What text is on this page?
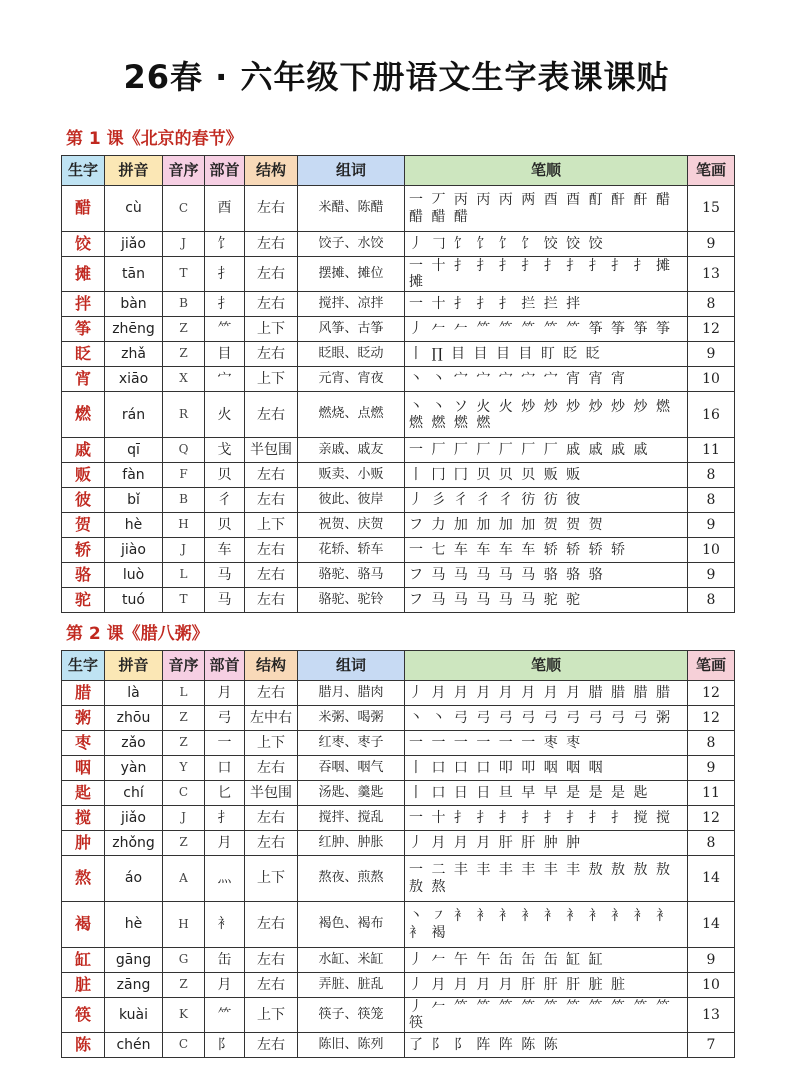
26春 · 六年级下册语文生字表课课贴
第 1 课《北京的春节》
生字	拼音	音序	部首	结构	组词	笔顺	笔画
醋	cù	C	酉	左右	米醋、陈醋	一 丆 丙 丙 丙 两 酉 酉 酊 酐 酐 醋 醋 醋 醋	15
饺	jiǎo	J	饣	左右	饺子、水饺	丿 𠃌 饣 饣 饣 饣 饺 饺 饺	9
摊	tān	T	扌	左右	摆摊、摊位	一 十 扌 扌 扌 扌 扌 扌 扌 扌 扌 摊 摊	13
拌	bàn	B	扌	左右	搅拌、凉拌	一 十 扌 扌 扌 拦 拦 拌	8
筝	zhēng	Z	⺮	上下	风筝、古筝	丿 𠂉 𠂉 ⺮ ⺮ ⺮ ⺮ ⺮ 筝 筝 筝 筝	12
眨	zhǎ	Z	目	左右	眨眼、眨动	丨 ∏ 目 目 目 目 盯 眨 眨	9
宵	xiāo	X	宀	上下	元宵、宵夜	丶 丶 宀 宀 宀 宀 宀 宵 宵 宵	10
燃	rán	R	火	左右	燃烧、点燃	丶 丶 ソ 火 火 炒 炒 炒 炒 炒 炒 燃 燃 燃 燃 燃	16
戚	qī	Q	戈	半包围	亲戚、戚友	一 厂 厂 厂 厂 厂 厂 戚 戚 戚 戚	11
贩	fàn	F	贝	左右	贩卖、小贩	丨 冂 冂 贝 贝 贝 贩 贩	8
彼	bǐ	B	彳	左右	彼此、彼岸	丿 彡 彳 彳 彳 彷 彷 彼	8
贺	hè	H	贝	上下	祝贺、庆贺	フ 力 加 加 加 加 贺 贺 贺	9
轿	jiào	J	车	左右	花轿、轿车	一 七 车 车 车 车 轿 轿 轿 轿	10
骆	luò	L	马	左右	骆驼、骆马	フ 马 马 马 马 马 骆 骆 骆	9
驼	tuó	T	马	左右	骆驼、驼铃	フ 马 马 马 马 马 驼 驼	8
第 2 课《腊八粥》
生字	拼音	音序	部首	结构	组词	笔顺	笔画
腊	là	L	月	左右	腊月、腊肉	丿 月 月 月 月 月 月 月 腊 腊 腊 腊	12
粥	zhōu	Z	弓	左中右	米粥、喝粥	丶 丶 弓 弓 弓 弓 弓 弓 弓 弓 弓 粥	12
枣	zǎo	Z	一	上下	红枣、枣子	一 一 一 一 一 一 枣 枣	8
咽	yàn	Y	口	左右	吞咽、咽气	丨 口 口 口 叩 叩 咽 咽 咽	9
匙	chí	C	匕	半包围	汤匙、羹匙	丨 口 日 日 旦 早 早 是 是 是 匙	11
搅	jiǎo	J	扌	左右	搅拌、搅乱	一 十 扌 扌 扌 扌 扌 扌 扌 扌 搅 搅	12
肿	zhǒng	Z	月	左右	红肿、肿胀	丿 月 月 月 肝 肝 肿 肿	8
熬	áo	A	灬	上下	熬夜、煎熬	一 二 丰 丰 丰 丰 丰 丰 敖 敖 敖 敖 敖 熬	14
褐	hè	H	衤	左右	褐色、褐布	丶 ㇇ 衤 衤 衤 衤 衤 衤 衤 衤 衤 衤 衤 褐	14
缸	gāng	G	缶	左右	水缸、米缸	丿 𠂉 午 午 缶 缶 缶 缸 缸	9
脏	zāng	Z	月	左右	弄脏、脏乱	丿 月 月 月 月 肝 肝 肝 脏 脏	10
筷	kuài	K	⺮	上下	筷子、筷笼	丿 𠂉 ⺮ ⺮ ⺮ ⺮ ⺮ ⺮ ⺮ ⺮ ⺮ ⺮ 筷	13
陈	chén	C	阝	左右	陈旧、陈列	了 阝 阝 阵 阵 陈 陈	7
